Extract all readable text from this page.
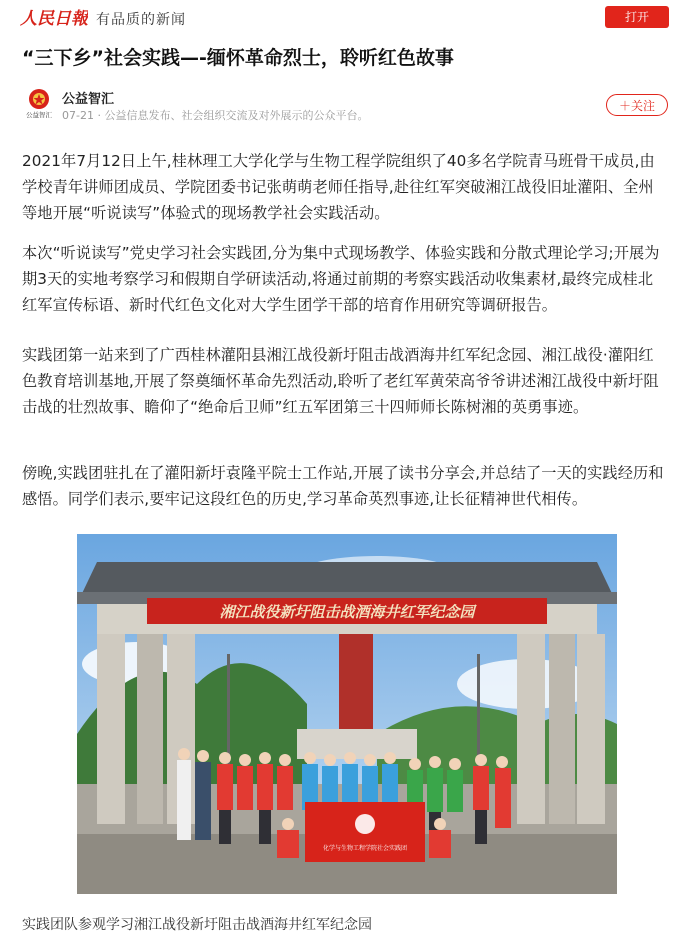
人民日報 有品质的新闻	打开
“三下乡”社会实践—-缅怀革命烈士，聆听红色故事
公益智汇
公益智汇
07-21 · 公益信息发布、社会组织交流及对外展示的公众平台。
＋关注

2021年7月12日上午,桂林理工大学化学与生物工程学院组织了40多名学院青马班骨干成员,由学校青年讲师团成员、学院团委书记张萌萌老师任指导,赴往红军突破湘江战役旧址灌阳、全州等地开展“听说读写”体验式的现场教学社会实践活动。

本次“听说读写”党史学习社会实践团,分为集中式现场教学、体验实践和分散式理论学习;开展为期3天的实地考察学习和假期自学研读活动,将通过前期的考察实践活动收集素材,最终完成桂北红军宣传标语、新时代红色文化对大学生团学干部的培育作用研究等调研报告。

实践团第一站来到了广西桂林灌阳县湘江战役新圩阻击战酒海井红军纪念园、湘江战役·灌阳红色教育培训基地,开展了祭奠缅怀革命先烈活动,聆听了老红军黄荣高爷爷讲述湘江战役中新圩阻击战的壮烈故事、瞻仰了“绝命后卫师”红五军团第三十四师师长陈树湘的英勇事迹。

傍晚,实践团驻扎在了灌阳新圩袁隆平院士工作站,开展了读书分享会,并总结了一天的实践经历和感悟。同学们表示,要牢记这段红色的历史,学习革命英烈事迹,让长征精神世代相传。

湘江战役新圩阻击战酒海井红军纪念园
化学与生物工程学院社会实践团

实践团队参观学习湘江战役新圩阻击战酒海井红军纪念园
